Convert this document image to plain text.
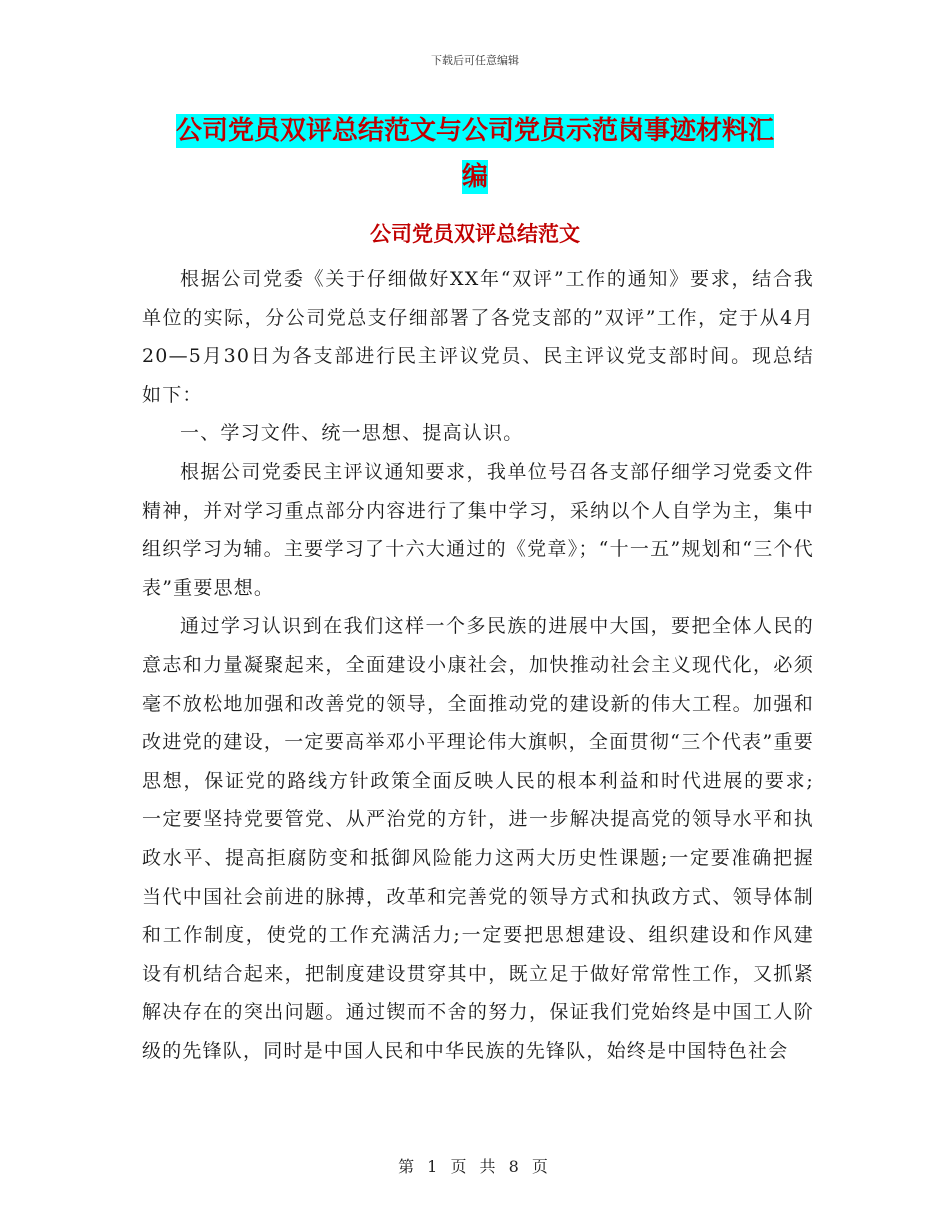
下载后可任意编辑
公司党员双评总结范文与公司党员示范岗事迹材料汇
编
公司党员双评总结范文

根据公司党委《关于仔细做好XX年“双评”工作的通知》要求，结合我单位的实际，分公司党总支仔细部署了各党支部的”双评”工作，定于从4月20—5月30日为各支部进行民主评议党员、民主评议党支部时间。现总结如下：

一、学习文件、统一思想、提高认识。

根据公司党委民主评议通知要求，我单位号召各支部仔细学习党委文件精神，并对学习重点部分内容进行了集中学习，采纳以个人自学为主，集中组织学习为辅。主要学习了十六大通过的《党章》；“十一五”规划和“三个代表”重要思想。

通过学习认识到在我们这样一个多民族的进展中大国，要把全体人民的意志和力量凝聚起来，全面建设小康社会，加快推动社会主义现代化，必须毫不放松地加强和改善党的领导，全面推动党的建设新的伟大工程。加强和改进党的建设，一定要高举邓小平理论伟大旗帜，全面贯彻“三个代表”重要思想，保证党的路线方针政策全面反映人民的根本利益和时代进展的要求;一定要坚持党要管党、从严治党的方针，进一步解决提高党的领导水平和执政水平、提高拒腐防变和抵御风险能力这两大历史性课题;一定要准确把握当代中国社会前进的脉搏，改革和完善党的领导方式和执政方式、领导体制和工作制度，使党的工作充满活力;一定要把思想建设、组织建设和作风建设有机结合起来，把制度建设贯穿其中，既立足于做好常常性工作，又抓紧解决存在的突出问题。通过锲而不舍的努力，保证我们党始终是中国工人阶级的先锋队，同时是中国人民和中华民族的先锋队，始终是中国特色社会

第 1 页 共 8 页
